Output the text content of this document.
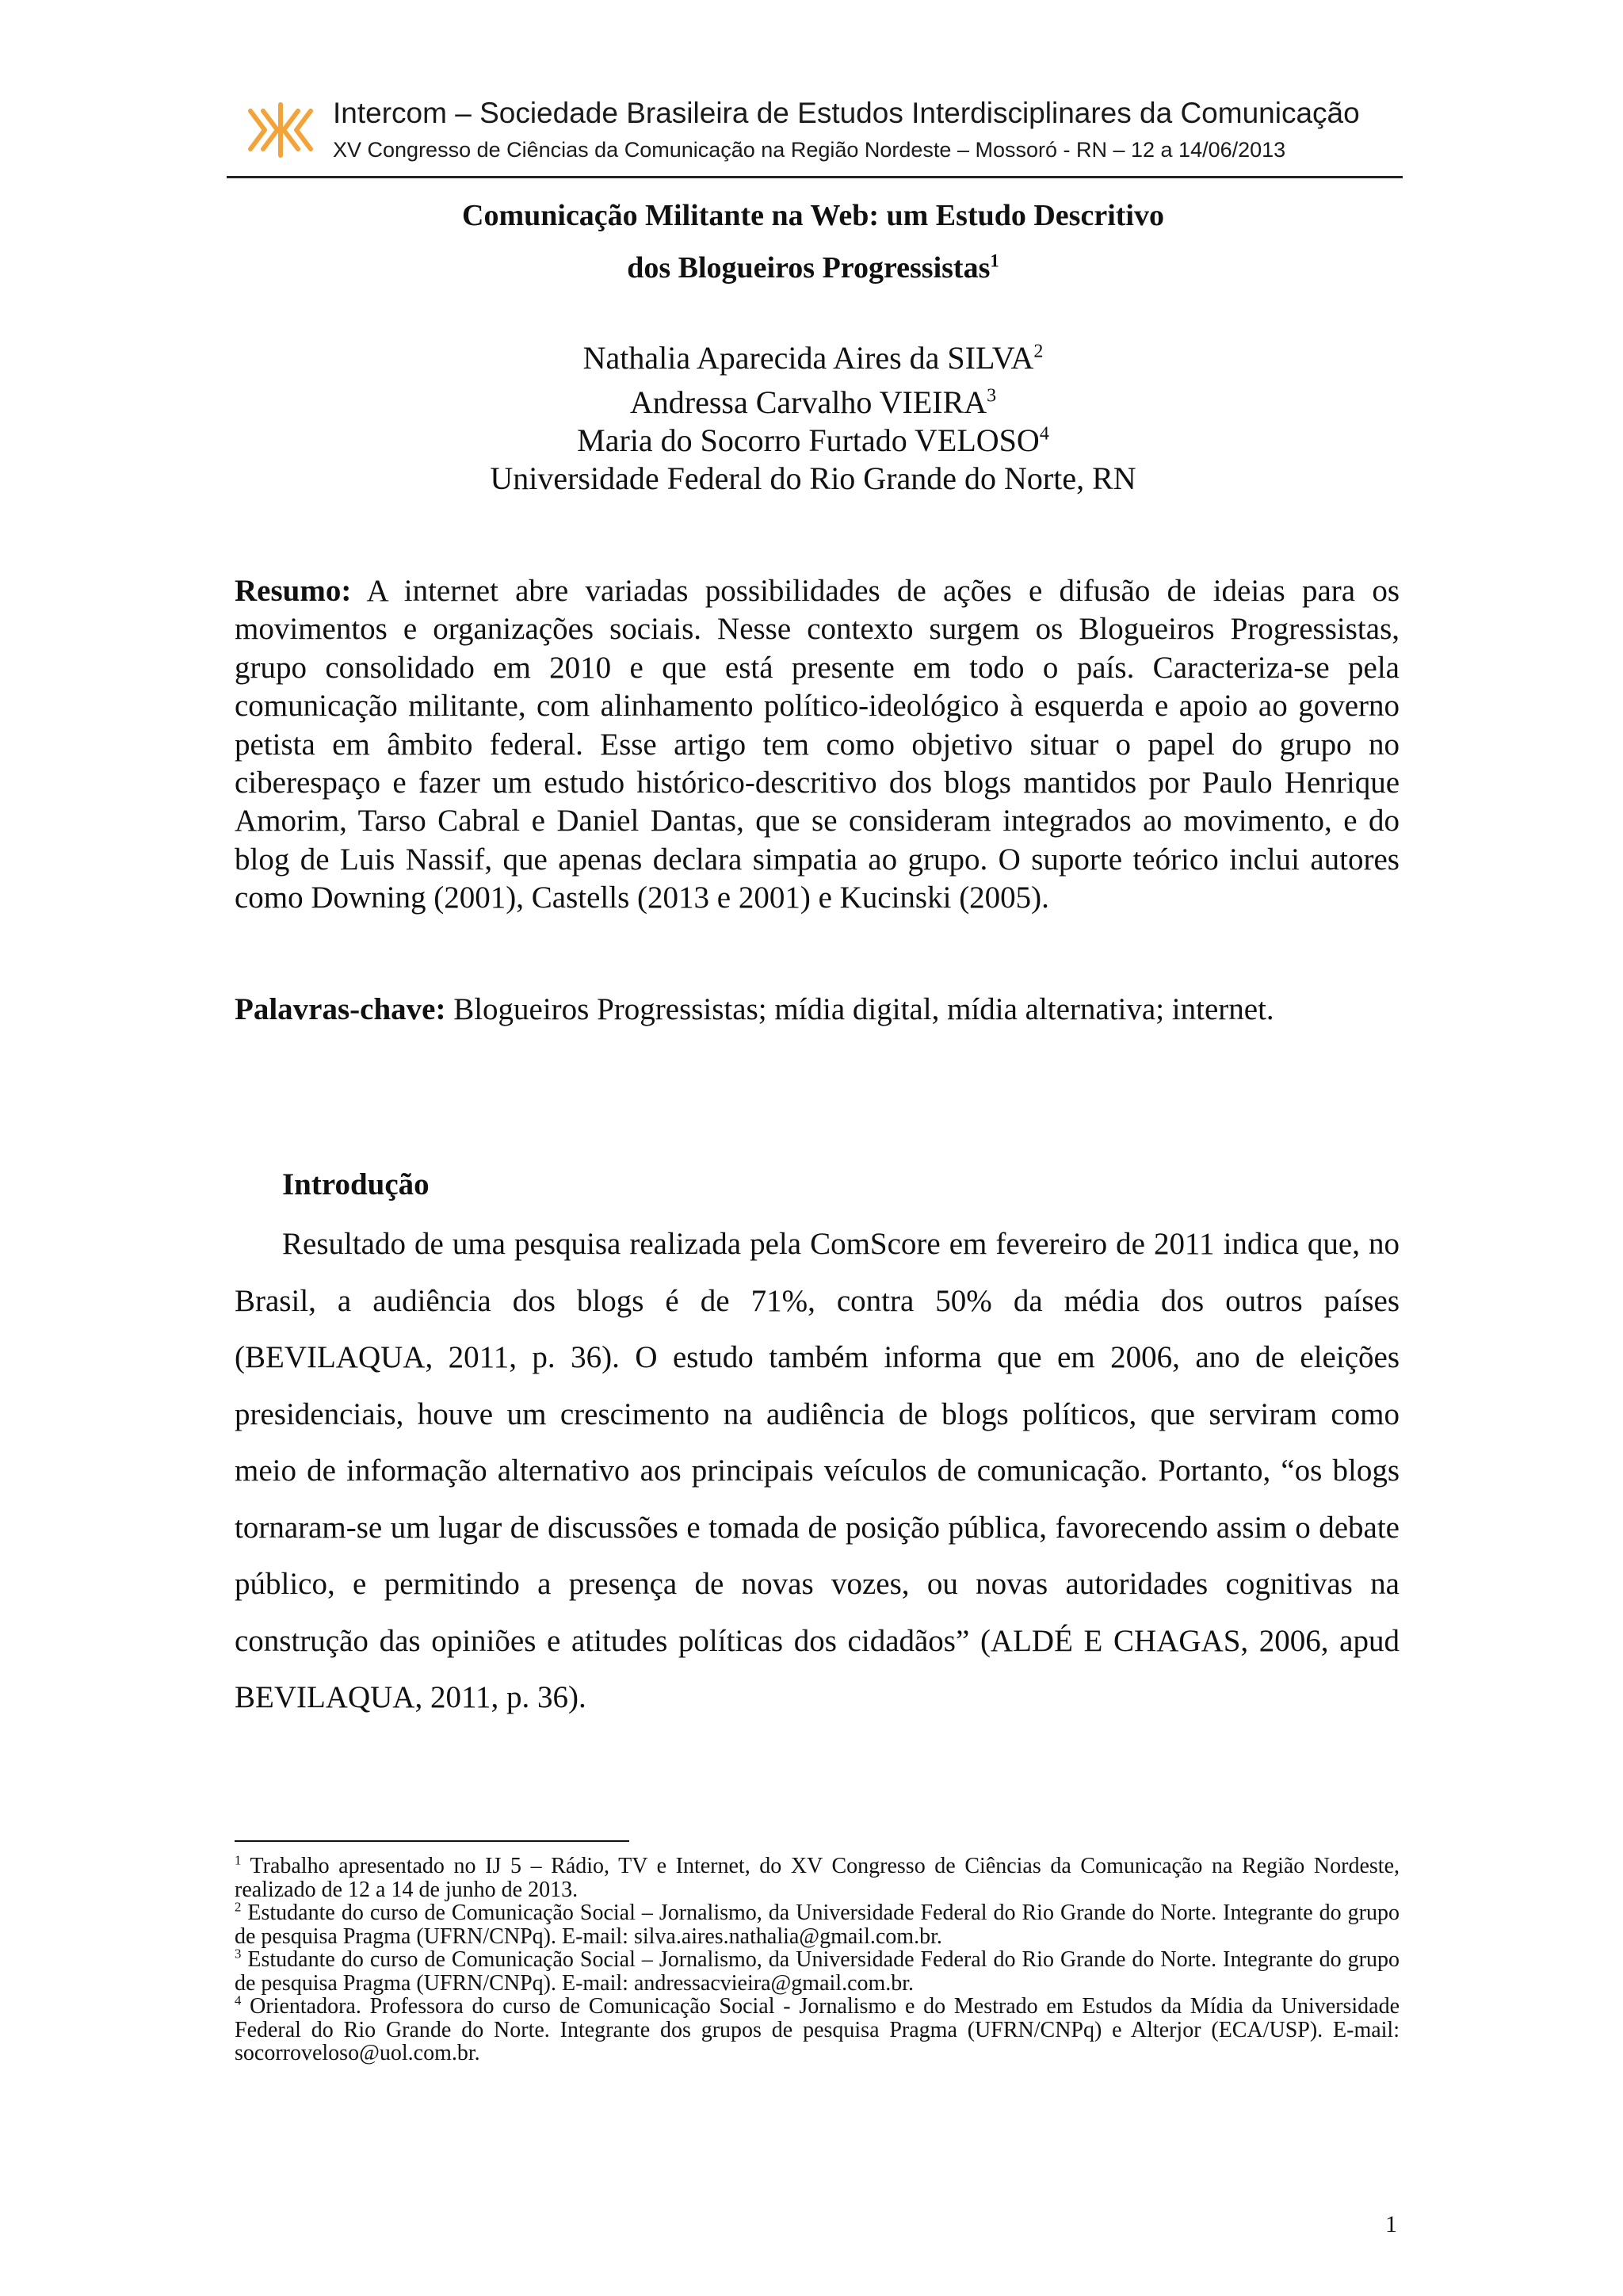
Intercom – Sociedade Brasileira de Estudos Interdisciplinares da Comunicação
XV Congresso de Ciências da Comunicação na Região Nordeste – Mossoró - RN – 12 a 14/06/2013
Comunicação Militante na Web: um Estudo Descritivo
dos Blogueiros Progressistas$^1$
Nathalia Aparecida Aires da SILVA$^2$
Andressa Carvalho VIEIRA$^3$
Maria do Socorro Furtado VELOSO$^4$
Universidade Federal do Rio Grande do Norte, RN
Resumo: A internet abre variadas possibilidades de ações e difusão de ideias para os movimentos e organizações sociais. Nesse contexto surgem os Blogueiros Progressistas, grupo consolidado em 2010 e que está presente em todo o país. Caracteriza-se pela comunicação militante, com alinhamento político-ideológico à esquerda e apoio ao governo petista em âmbito federal. Esse artigo tem como objetivo situar o papel do grupo no ciberespaço e fazer um estudo histórico-descritivo dos blogs mantidos por Paulo Henrique Amorim, Tarso Cabral e Daniel Dantas, que se consideram integrados ao movimento, e do blog de Luis Nassif, que apenas declara simpatia ao grupo. O suporte teórico inclui autores como Downing (2001), Castells (2013 e 2001) e Kucinski (2005).
Palavras-chave: Blogueiros Progressistas; mídia digital, mídia alternativa; internet.
Introdução
Resultado de uma pesquisa realizada pela ComScore em fevereiro de 2011 indica que, no Brasil, a audiência dos blogs é de 71%, contra 50% da média dos outros países (BEVILAQUA, 2011, p. 36). O estudo também informa que em 2006, ano de eleições presidenciais, houve um crescimento na audiência de blogs políticos, que serviram como meio de informação alternativo aos principais veículos de comunicação. Portanto, “os blogs tornaram-se um lugar de discussões e tomada de posição pública, favorecendo assim o debate público, e permitindo a presença de novas vozes, ou novas autoridades cognitivas na construção das opiniões e atitudes políticas dos cidadãos” (ALDÉ E CHAGAS, 2006, apud BEVILAQUA, 2011, p. 36).

$^1$ Trabalho apresentado no IJ 5 – Rádio, TV e Internet, do XV Congresso de Ciências da Comunicação na Região Nordeste, realizado de 12 a 14 de junho de 2013.

$^2$ Estudante do curso de Comunicação Social – Jornalismo, da Universidade Federal do Rio Grande do Norte. Integrante do grupo de pesquisa Pragma (UFRN/CNPq). E-mail: silva.aires.nathalia@gmail.com.br.

$^3$ Estudante do curso de Comunicação Social – Jornalismo, da Universidade Federal do Rio Grande do Norte. Integrante do grupo de pesquisa Pragma (UFRN/CNPq). E-mail: andressacvieira@gmail.com.br.

$^4$ Orientadora. Professora do curso de Comunicação Social - Jornalismo e do Mestrado em Estudos da Mídia da Universidade Federal do Rio Grande do Norte. Integrante dos grupos de pesquisa Pragma (UFRN/CNPq) e Alterjor (ECA/USP). E-mail: socorroveloso@uol.com.br.

1
